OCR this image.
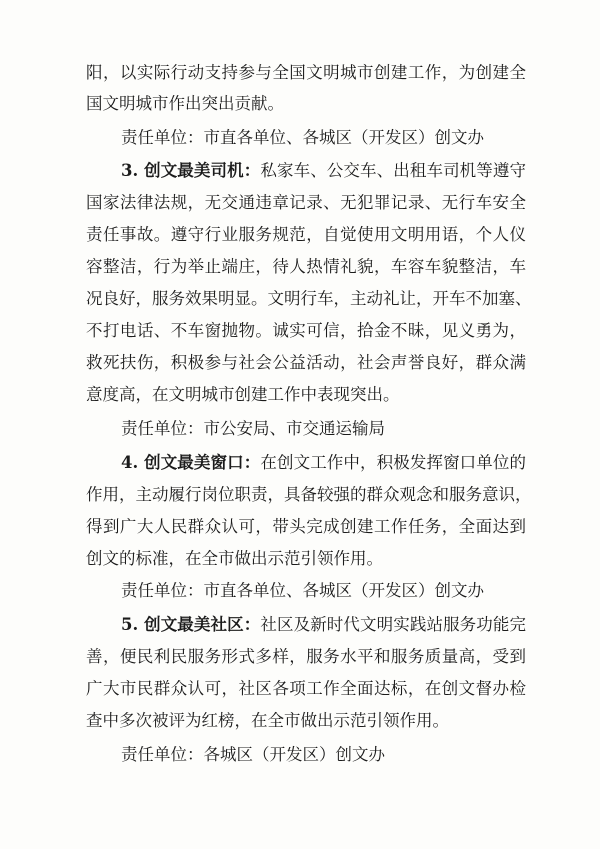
阳，以实际行动支持参与全国文明城市创建工作，为创建全
国文明城市作出突出贡献。
责任单位：市直各单位、各城区（开发区）创文办
3. 创文最美司机：私家车、公交车、出租车司机等遵守
国家法律法规，无交通违章记录、无犯罪记录、无行车安全
责任事故。遵守行业服务规范，自觉使用文明用语，个人仪
容整洁，行为举止端庄，待人热情礼貌，车容车貌整洁，车
况良好，服务效果明显。文明行车，主动礼让，开车不加塞、
不打电话、不车窗抛物。诚实可信，拾金不昧，见义勇为，
救死扶伤，积极参与社会公益活动，社会声誉良好，群众满
意度高，在文明城市创建工作中表现突出。
责任单位：市公安局、市交通运输局
4. 创文最美窗口：在创文工作中，积极发挥窗口单位的
作用，主动履行岗位职责，具备较强的群众观念和服务意识，
得到广大人民群众认可，带头完成创建工作任务，全面达到
创文的标准，在全市做出示范引领作用。
责任单位：市直各单位、各城区（开发区）创文办
5. 创文最美社区：社区及新时代文明实践站服务功能完
善，便民利民服务形式多样，服务水平和服务质量高，受到
广大市民群众认可，社区各项工作全面达标，在创文督办检
查中多次被评为红榜，在全市做出示范引领作用。
责任单位：各城区（开发区）创文办
